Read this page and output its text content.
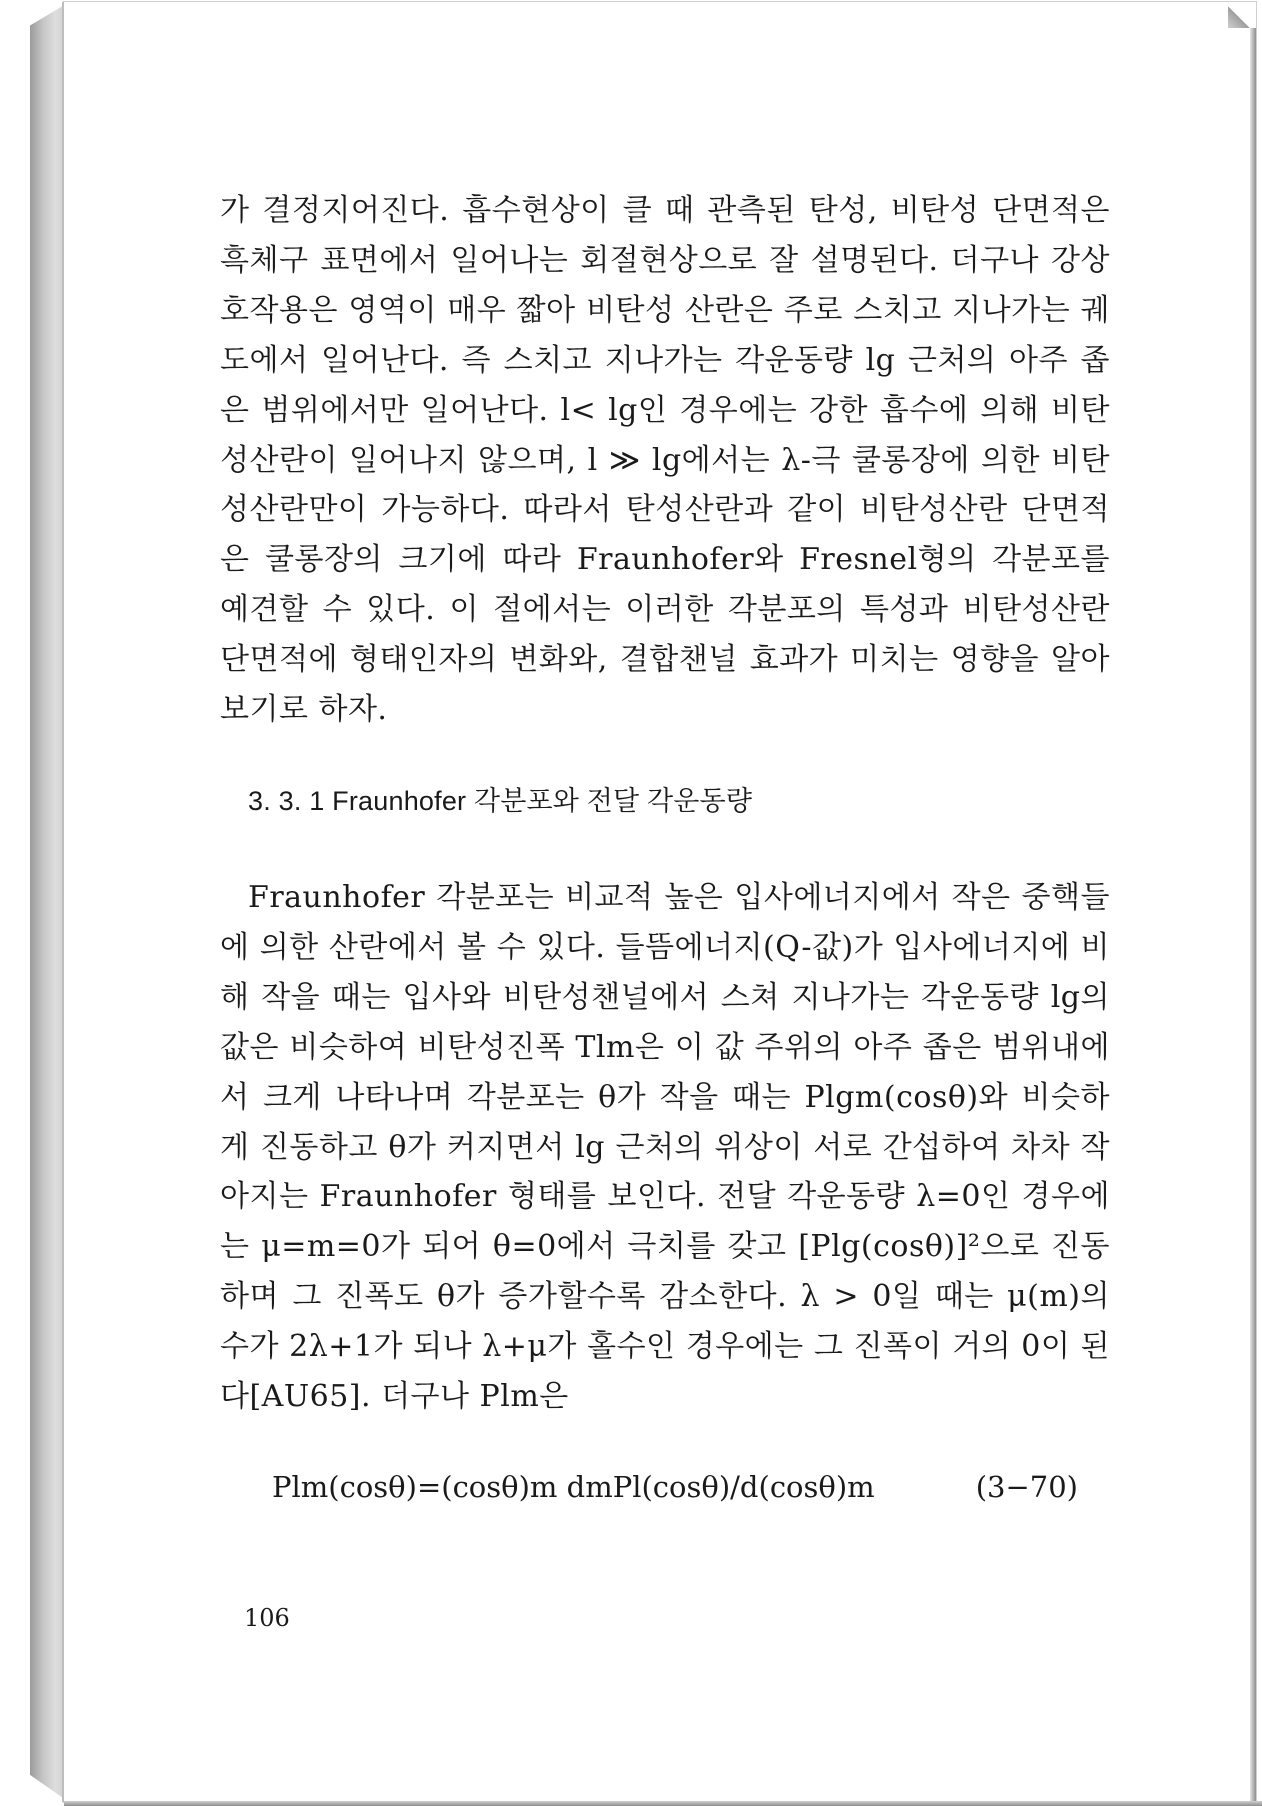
가 결정지어진다. 흡수현상이 클 때 관측된 탄성, 비탄성 단면적은 흑체구 표면에서 일어나는 회절현상으로 잘 설명된다. 더구나 강상호작용은 영역이 매우 짧아 비탄성 산란은 주로 스치고 지나가는 궤도에서 일어난다. 즉 스치고 지나가는 각운동량 lg 근처의 아주 좁은 범위에서만 일어난다. l< lg인 경우에는 강한 흡수에 의해 비탄성산란이 일어나지 않으며, l ≫ lg에서는 λ-극 쿨롱장에 의한 비탄성산란만이 가능하다. 따라서 탄성산란과 같이 비탄성산란 단면적은 쿨롱장의 크기에 따라 Fraunhofer와 Fresnel형의 각분포를 예견할 수 있다. 이 절에서는 이러한 각분포의 특성과 비탄성산란 단면적에 형태인자의 변화와, 결합챈널 효과가 미치는 영향을 알아보기로 하자.
3. 3. 1 Fraunhofer 각분포와 전달 각운동량
Fraunhofer 각분포는 비교적 높은 입사에너지에서 작은 중핵들에 의한 산란에서 볼 수 있다. 들뜸에너지(Q-값)가 입사에너지에 비해 작을 때는 입사와 비탄성챈널에서 스쳐 지나가는 각운동량 lg의 값은 비슷하여 비탄성진폭 Tlm은 이 값 주위의 아주 좁은 범위내에서 크게 나타나며 각분포는 θ가 작을 때는 Plgm(cosθ)와 비슷하게 진동하고 θ가 커지면서 lg 근처의 위상이 서로 간섭하여 차차 작아지는 Fraunhofer 형태를 보인다. 전달 각운동량 λ=0인 경우에는 μ=m=0가 되어 θ=0에서 극치를 갖고 [Plg(cosθ)]²으로 진동하며 그 진폭도 θ가 증가할수록 감소한다. λ > 0일 때는 μ(m)의 수가 2λ+1가 되나 λ+μ가 홀수인 경우에는 그 진폭이 거의 0이 된다[AU65]. 더구나 Plm은
Plm(cosθ)=(cosθ)m dmPl(cosθ)/d(cosθ)m	(3−70)
106
